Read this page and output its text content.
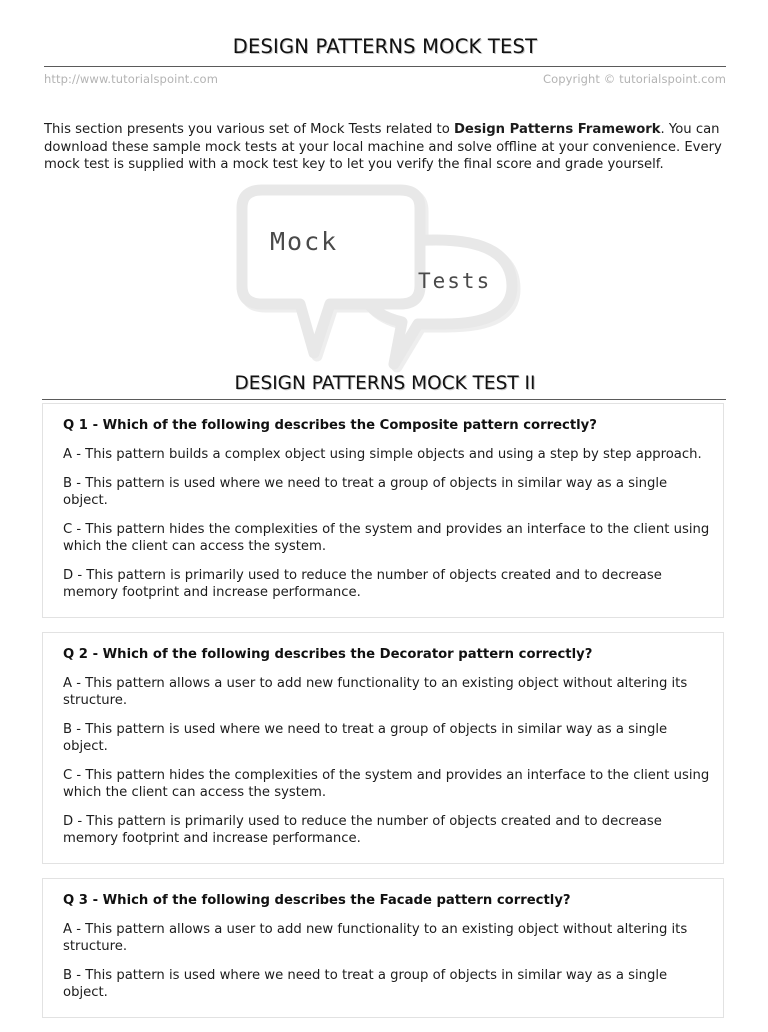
DESIGN PATTERNS MOCK TEST
http://www.tutorialspoint.com	Copyright © tutorialspoint.com

This section presents you various set of Mock Tests related to Design Patterns Framework. You can download these sample mock tests at your local machine and solve offline at your convenience. Every mock test is supplied with a mock test key to let you verify the final score and grade yourself.

Mock
Tests
DESIGN PATTERNS MOCK TEST II
Q 1 - Which of the following describes the Composite pattern correctly?
A - This pattern builds a complex object using simple objects and using a step by step approach.
B - This pattern is used where we need to treat a group of objects in similar way as a single object.
C - This pattern hides the complexities of the system and provides an interface to the client using which the client can access the system.
D - This pattern is primarily used to reduce the number of objects created and to decrease memory footprint and increase performance.
Q 2 - Which of the following describes the Decorator pattern correctly?
A - This pattern allows a user to add new functionality to an existing object without altering its structure.
B - This pattern is used where we need to treat a group of objects in similar way as a single object.
C - This pattern hides the complexities of the system and provides an interface to the client using which the client can access the system.
D - This pattern is primarily used to reduce the number of objects created and to decrease memory footprint and increase performance.
Q 3 - Which of the following describes the Facade pattern correctly?
A - This pattern allows a user to add new functionality to an existing object without altering its structure.
B - This pattern is used where we need to treat a group of objects in similar way as a single object.
